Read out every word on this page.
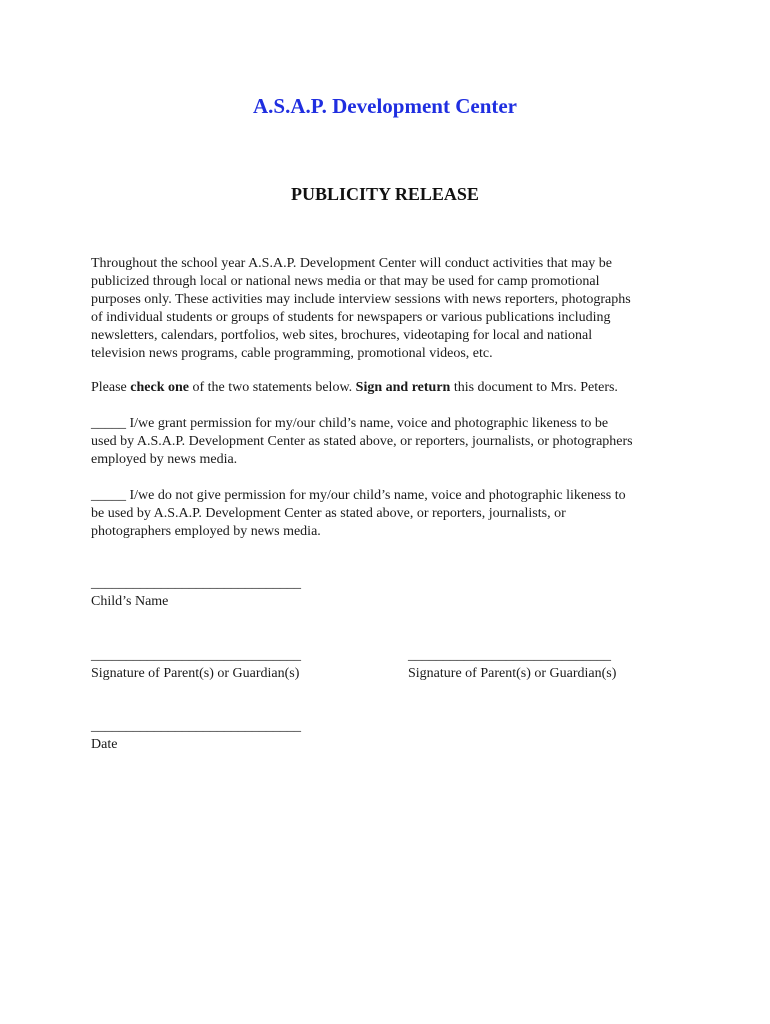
A.S.A.P. Development Center
PUBLICITY RELEASE
Throughout the school year A.S.A.P. Development Center will conduct activities that may be
publicized through local or national news media or that may be used for camp promotional
purposes only. These activities may include interview sessions with news reporters, photographs
of individual students or groups of students for newspapers or various publications including
newsletters, calendars, portfolios, web sites, brochures, videotaping for local and national
television news programs, cable programming, promotional videos, etc.
Please check one of the two statements below. Sign and return this document to Mrs. Peters.
_____ I/we grant permission for my/our child’s name, voice and photographic likeness to be
used by A.S.A.P. Development Center as stated above, or reporters, journalists, or photographers
employed by news media.
_____ I/we do not give permission for my/our child’s name, voice and photographic likeness to
be used by A.S.A.P. Development Center as stated above, or reporters, journalists, or
photographers employed by news media.
______________________________
Child’s Name
______________________________
Signature of Parent(s) or Guardian(s)
_____________________________
Signature of Parent(s) or Guardian(s)
______________________________
Date
